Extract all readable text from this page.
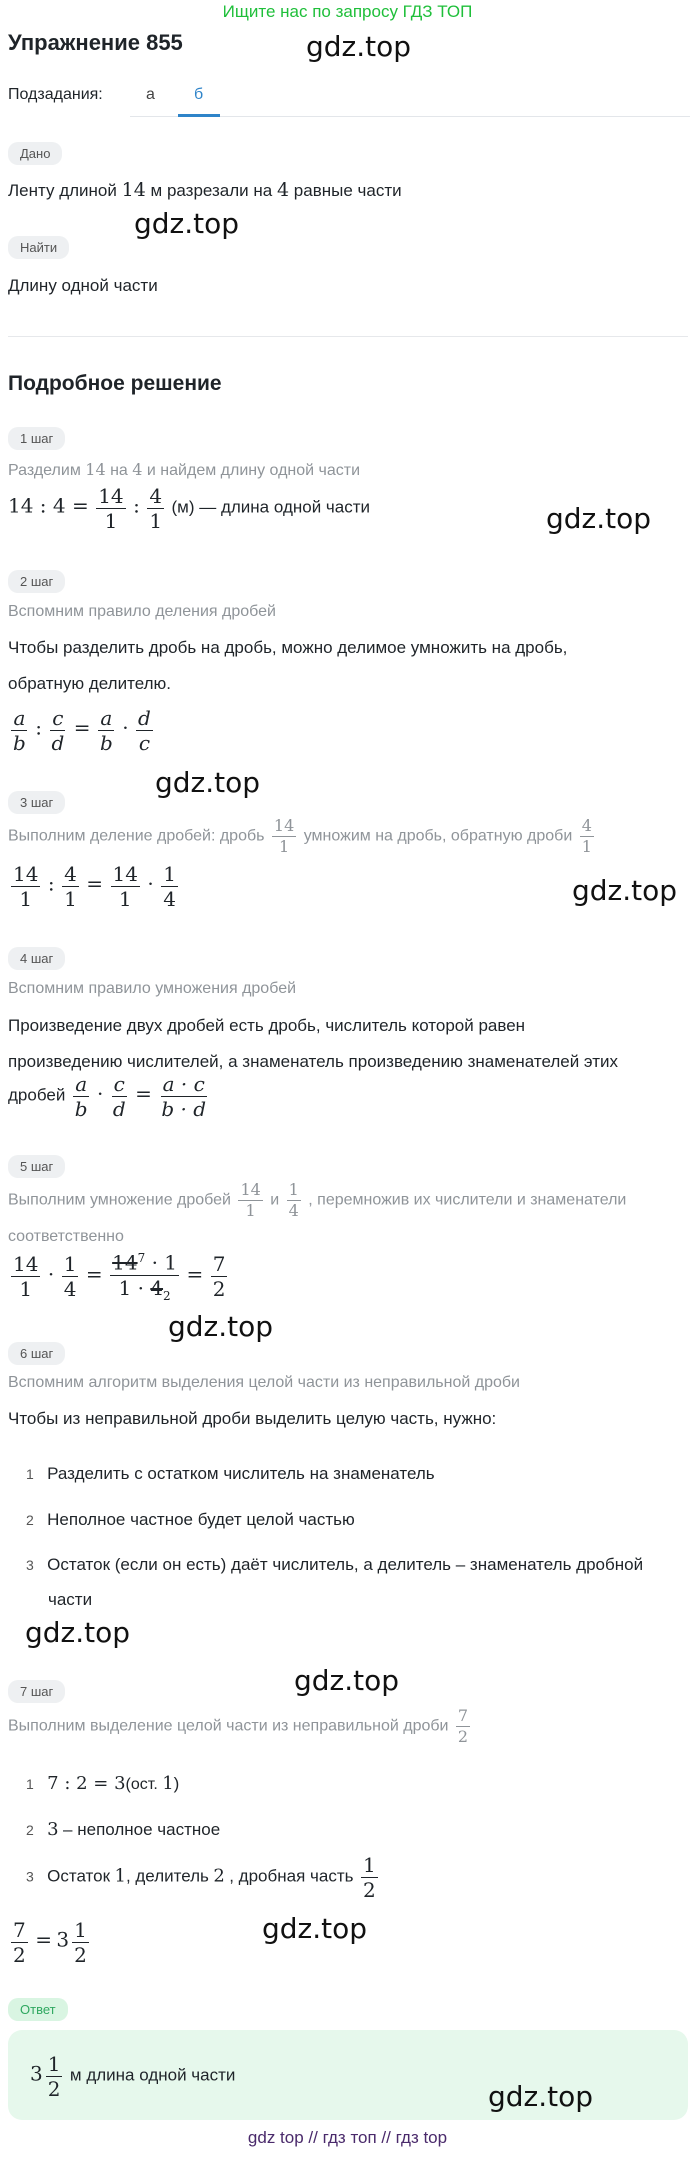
Ищите нас по запросу ГДЗ ТОП
Упражнение 855	gdz.top
Подзадания:	а б
Дано
Ленту длиной 14 м разрезали на 4 равные части
Найти
gdz.top
Длину одной части
Подробное решение
1 шаг
Разделим 14 на 4 и найдем длину одной части
14 : $4 = \frac{14}{1}$ : $\frac{4}{1} (м)$ — длина одной части	gdz.top
2 шаг
Вспомним правило деления дробей
Чтобы разделить дробь на дробь, можно делимое умножить на дробь,
обратную делителю.
$\frac{a}{b}$ : $\frac{c}{d} = \frac{a}{b} \cdot \frac{d}{c}$
3 шаг
gdz.top
Выполним деление дробей: дробь $\frac{14}{1}$ умножим на дробь, обратную дроби $\frac{4}{1}$
$\frac{14}{1}$ : $\frac{4}{1} = \frac{14}{1} \cdot \frac{1}{4}$	gdz.top
4 шаг
Вспомним правило умножения дробей
Произведение двух дробей есть дробь, числитель которой равен
произведению числителей, а знаменатель произведению знаменателей этих
дробей $\frac{a}{b} \cdot \frac{c}{d} = \frac{a \cdot c}{b \cdot d}$
5 шаг
Выполним умножение дробей $\frac{14}{1}$ и $\frac{1}{4}$ , перемножив их числители и знаменатели
соответственно
$\frac{14}{1} \cdot \frac{1}{4} = \frac{14^7 \cdot 1}{1 \cdot 4_2} = \frac{7}{2}$
gdz.top
6 шаг
Вспомним алгоритм выделения целой части из неправильной дроби
Чтобы из неправильной дроби выделить целую часть, нужно:
1 Разделить с остатком числитель на знаменатель
2 Неполное частное будет целой частью
3 Остаток (если он есть) даёт числитель, а делитель – знаменатель дробной
части
gdz.top
7 шаг	gdz.top
Выполним выделение целой части из неправильной дроби $\frac{7}{2}$
1 7 : 2 = 3(ост. 1)
2 3 – неполное частное
3 Остаток 1, делитель 2 , дробная часть $\frac{1}{2}$
$\frac{7}{2} = 3 \frac{1}{2}$	gdz.top
Ответ
$3 \frac{1}{2}$ м длина одной части
gdz.top
gdz top // гдз топ // гдз top
